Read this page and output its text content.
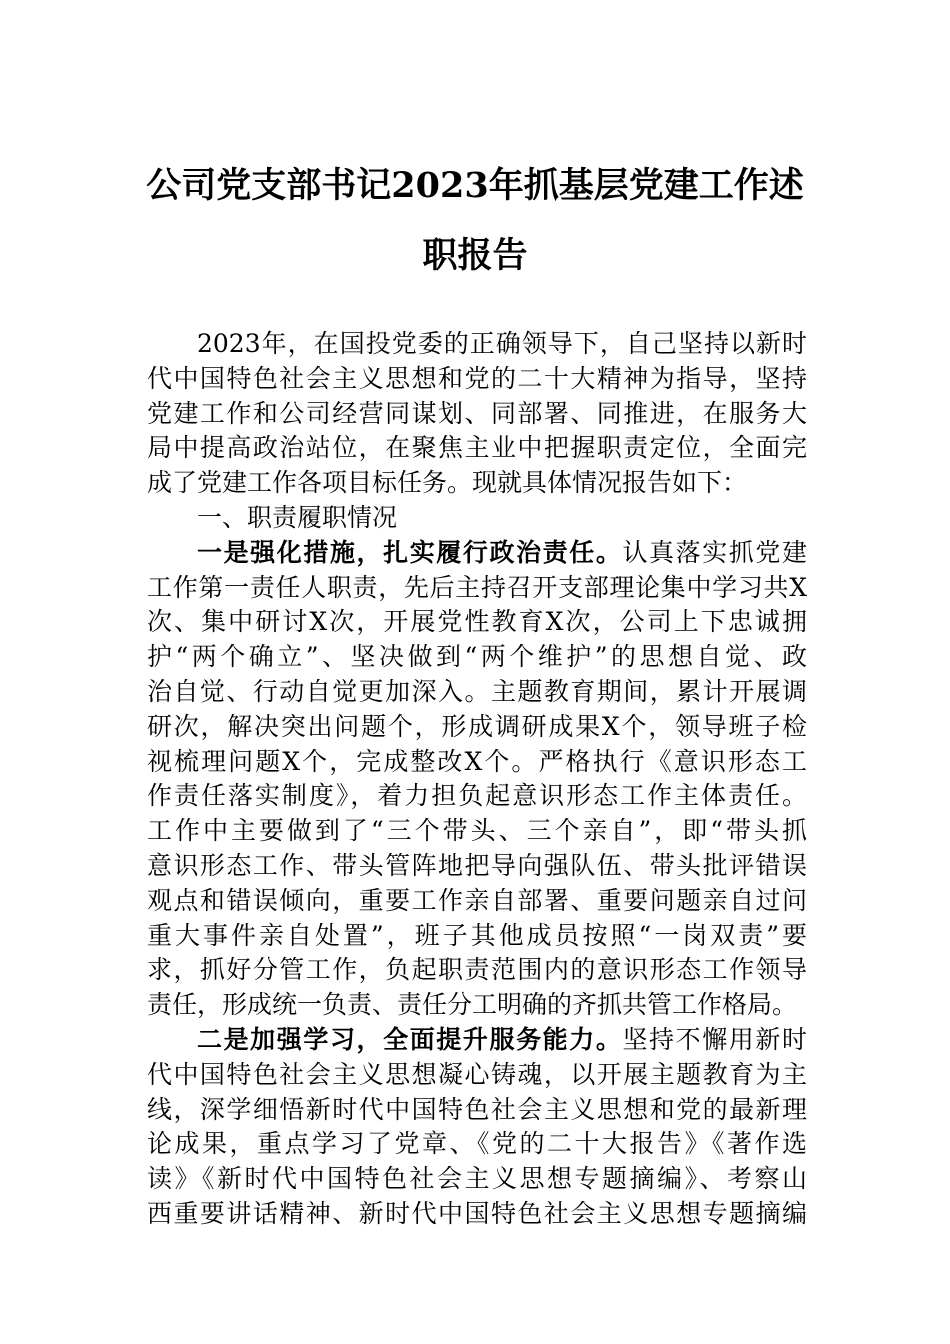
公司党支部书记2023年抓基层党建工作述
职报告
2023年，在国投党委的正确领导下，自己坚持以新时
代中国特色社会主义思想和党的二十大精神为指导，坚持
党建工作和公司经营同谋划、同部署、同推进，在服务大
局中提高政治站位，在聚焦主业中把握职责定位，全面完
成了党建工作各项目标任务。现就具体情况报告如下：
一、职责履职情况
一是强化措施，扎实履行政治责任。认真落实抓党建
工作第一责任人职责，先后主持召开支部理论集中学习共X
次、集中研讨X次，开展党性教育X次，公司上下忠诚拥
护“两个确立”、坚决做到“两个维护”的思想自觉、政
治自觉、行动自觉更加深入。主题教育期间，累计开展调
研次，解决突出问题个，形成调研成果X个，领导班子检
视梳理问题X个，完成整改X个。严格执行《意识形态工
作责任落实制度》，着力担负起意识形态工作主体责任。
工作中主要做到了“三个带头、三个亲自”，即“带头抓
意识形态工作、带头管阵地把导向强队伍、带头批评错误
观点和错误倾向，重要工作亲自部署、重要问题亲自过问
重大事件亲自处置”，班子其他成员按照“一岗双责”要
求，抓好分管工作，负起职责范围内的意识形态工作领导
责任，形成统一负责、责任分工明确的齐抓共管工作格局。
二是加强学习，全面提升服务能力。坚持不懈用新时
代中国特色社会主义思想凝心铸魂，以开展主题教育为主
线，深学细悟新时代中国特色社会主义思想和党的最新理
论成果，重点学习了党章、《党的二十大报告》《著作选
读》《新时代中国特色社会主义思想专题摘编》、考察山
西重要讲话精神、新时代中国特色社会主义思想专题摘编
